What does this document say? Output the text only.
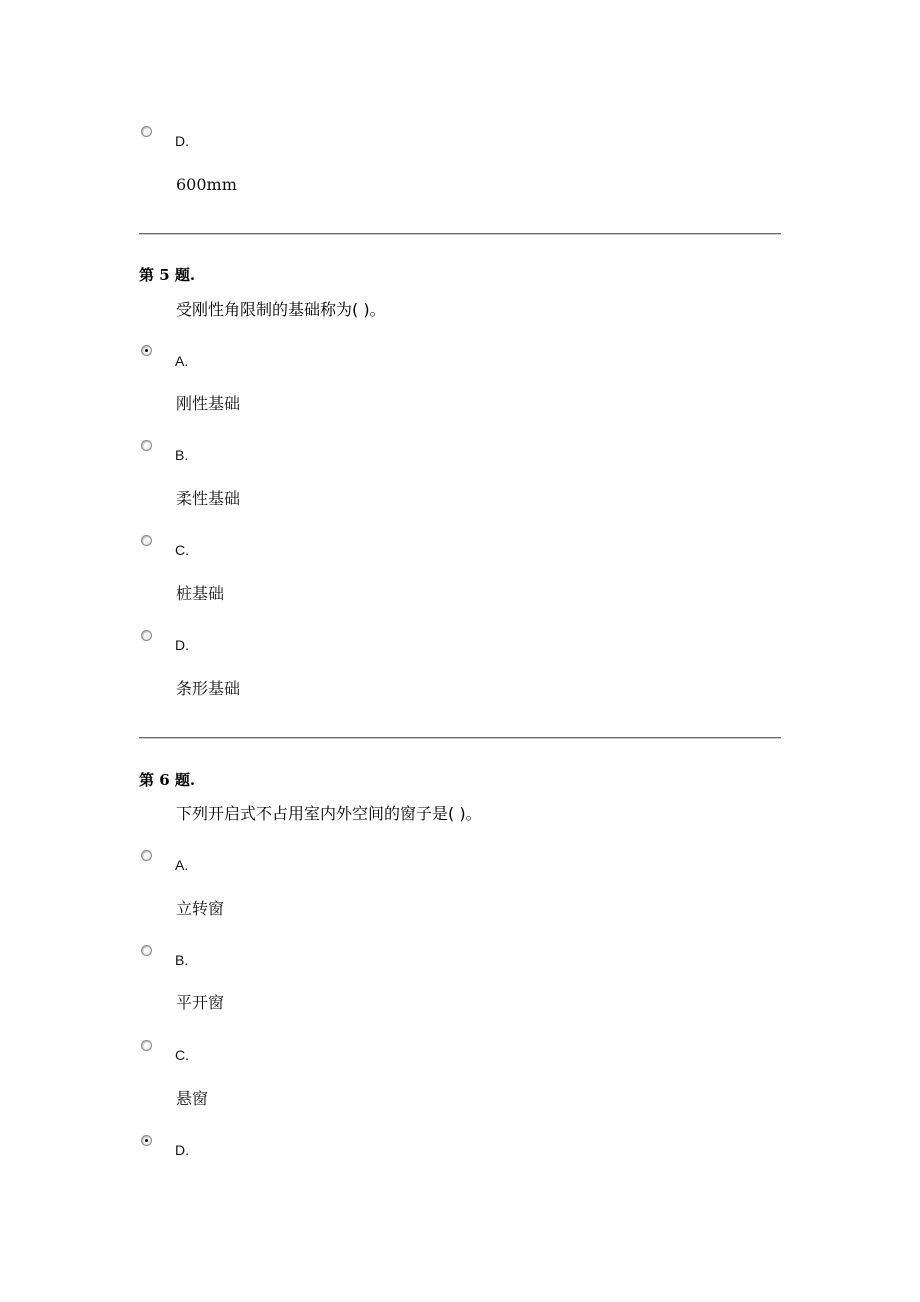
D.
600mm
第 5 题.
受刚性角限制的基础称为( )。
A.
刚性基础
B.
柔性基础
C.
桩基础
D.
条形基础
第 6 题.
下列开启式不占用室内外空间的窗子是( )。
A.
立转窗
B.
平开窗
C.
悬窗
D.
